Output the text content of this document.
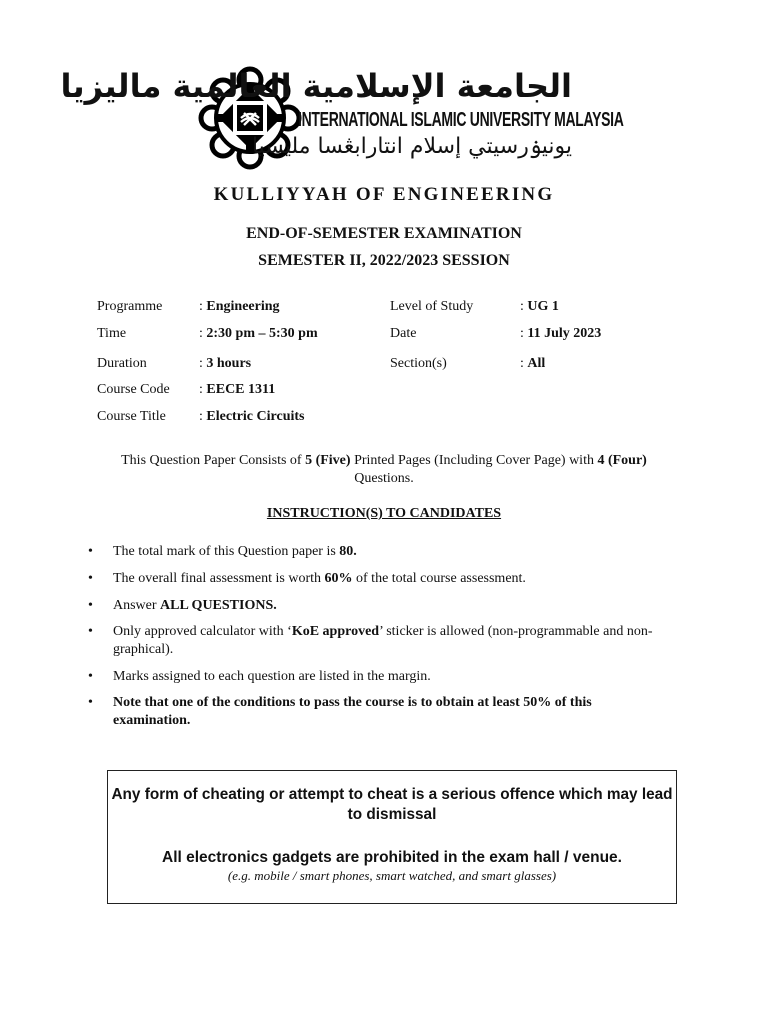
الجامعة الإسلامية العالمية ماليزيا
INTERNATIONAL ISLAMIC UNIVERSITY MALAYSIA
يونيۏرسيتي إسلام انتارابڠسا مليسيا
KULLIYYAH OF ENGINEERING
END-OF-SEMESTER EXAMINATION
SEMESTER II, 2022/2023 SESSION
Programme	: Engineering	Level of Study	: UG 1
Time	: 2:30 pm – 5:30 pm	Date	: 11 July 2023
Duration	: 3 hours	Section(s)	: All
Course Code : EECE 1311
Course Title : Electric Circuits
This Question Paper Consists of 5 (Five) Printed Pages (Including Cover Page) with 4 (Four) Questions.
INSTRUCTION(S) TO CANDIDATES
•	The total mark of this Question paper is 80.
•	The overall final assessment is worth 60% of the total course assessment.
•	Answer ALL QUESTIONS.
•	Only approved calculator with ‘KoE approved’ sticker is allowed (non-programmable and non-graphical).
•	Marks assigned to each question are listed in the margin.
•	Note that one of the conditions to pass the course is to obtain at least 50% of this examination.
Any form of cheating or attempt to cheat is a serious offence which may lead to dismissal
All electronics gadgets are prohibited in the exam hall / venue.
(e.g. mobile / smart phones, smart watched, and smart glasses)
